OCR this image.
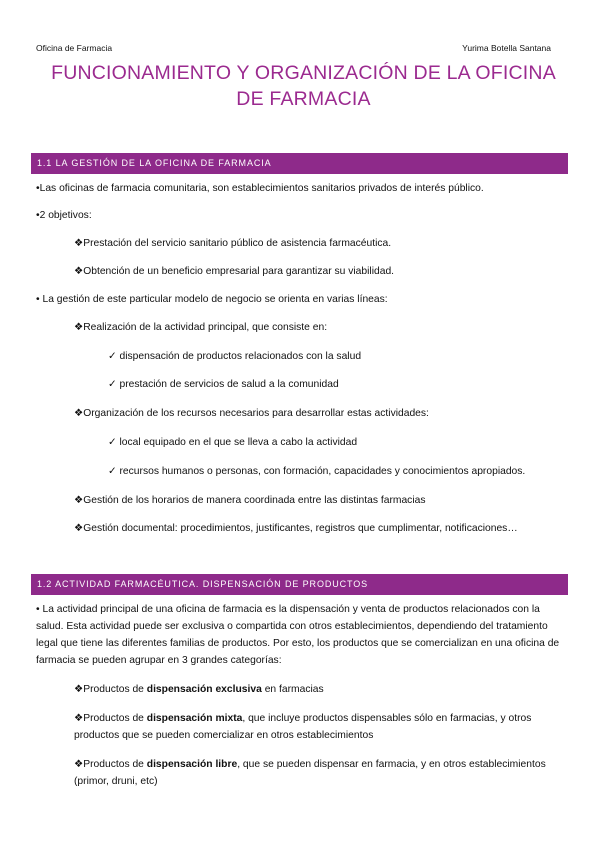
Oficina de Farmacia	Yurima Botella Santana
FUNCIONAMIENTO Y ORGANIZACIÓN DE LA OFICINA
DE FARMACIA
1.1 LA GESTIÓN DE LA OFICINA DE FARMACIA
•Las oficinas de farmacia comunitaria, son establecimientos sanitarios privados de interés público.
•2 objetivos:
❖Prestación del servicio sanitario público de asistencia farmacéutica.
❖Obtención de un beneficio empresarial para garantizar su viabilidad.
• La gestión de este particular modelo de negocio se orienta en varias líneas:
❖Realización de la actividad principal, que consiste en:
✓ dispensación de productos relacionados con la salud
✓ prestación de servicios de salud a la comunidad
❖Organización de los recursos necesarios para desarrollar estas actividades:
✓ local equipado en el que se lleva a cabo la actividad
✓ recursos humanos o personas, con formación, capacidades y conocimientos apropiados.
❖Gestión de los horarios de manera coordinada entre las distintas farmacias
❖Gestión documental: procedimientos, justificantes, registros que cumplimentar, notificaciones…
1.2 ACTIVIDAD FARMACÉUTICA. DISPENSACIÓN DE PRODUCTOS
• La actividad principal de una oficina de farmacia es la dispensación y venta de productos relacionados con la salud. Esta actividad puede ser exclusiva o compartida con otros establecimientos, dependiendo del tratamiento legal que tiene las diferentes familias de productos. Por esto, los productos que se comercializan en una oficina de farmacia se pueden agrupar en 3 grandes categorías:
❖Productos de dispensación exclusiva en farmacias
❖Productos de dispensación mixta, que incluye productos dispensables sólo en farmacias, y otros productos que se pueden comercializar en otros establecimientos
❖Productos de dispensación libre, que se pueden dispensar en farmacia, y en otros establecimientos (primor, druni, etc)
